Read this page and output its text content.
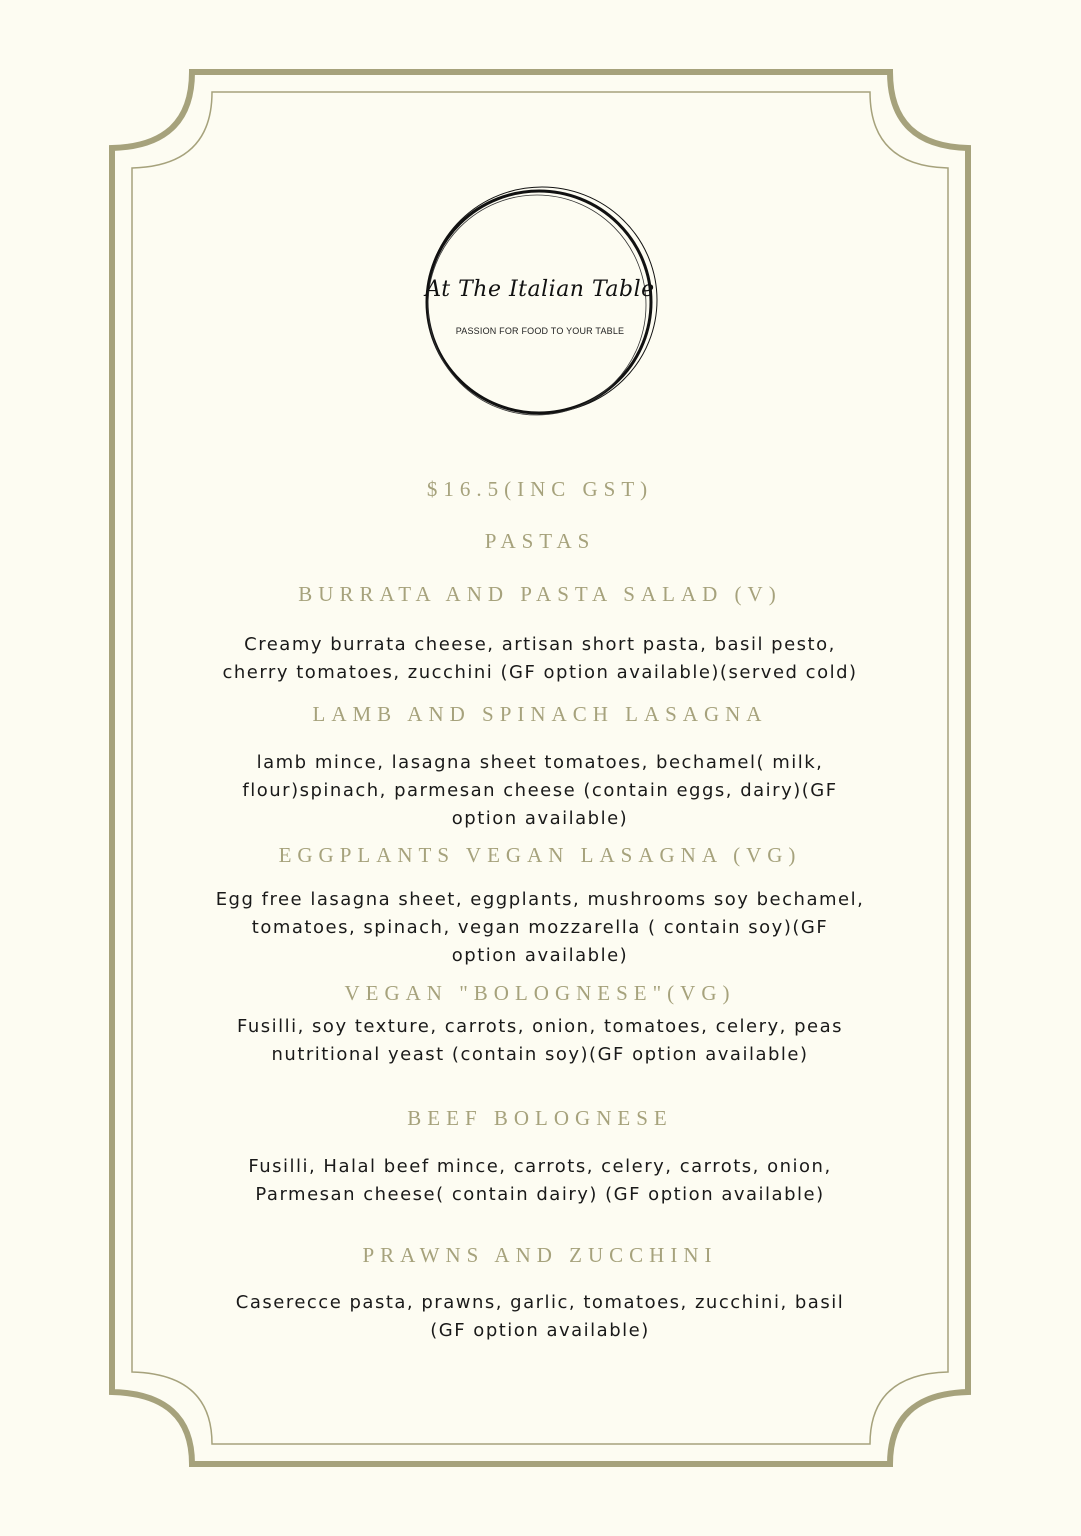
At The Italian Table
PASSION FOR FOOD TO YOUR TABLE
$16.5(INC GST)
PASTAS
BURRATA AND PASTA SALAD (V)
Creamy burrata cheese, artisan short pasta, basil pesto,
cherry tomatoes, zucchini (GF option available)(served cold)
LAMB AND SPINACH LASAGNA
lamb mince, lasagna sheet tomatoes, bechamel( milk,
flour)spinach, parmesan cheese (contain eggs, dairy)(GF
option available)
EGGPLANTS VEGAN LASAGNA (VG)
Egg free lasagna sheet, eggplants, mushrooms soy bechamel,
tomatoes, spinach, vegan mozzarella ( contain soy)(GF
option available)
VEGAN "BOLOGNESE"(VG)
Fusilli, soy texture, carrots, onion, tomatoes, celery, peas
nutritional yeast (contain soy)(GF option available)
BEEF BOLOGNESE
Fusilli, Halal beef mince, carrots, celery, carrots, onion,
Parmesan cheese( contain dairy) (GF option available)
PRAWNS AND ZUCCHINI
Caserecce pasta, prawns, garlic, tomatoes, zucchini, basil
(GF option available)
